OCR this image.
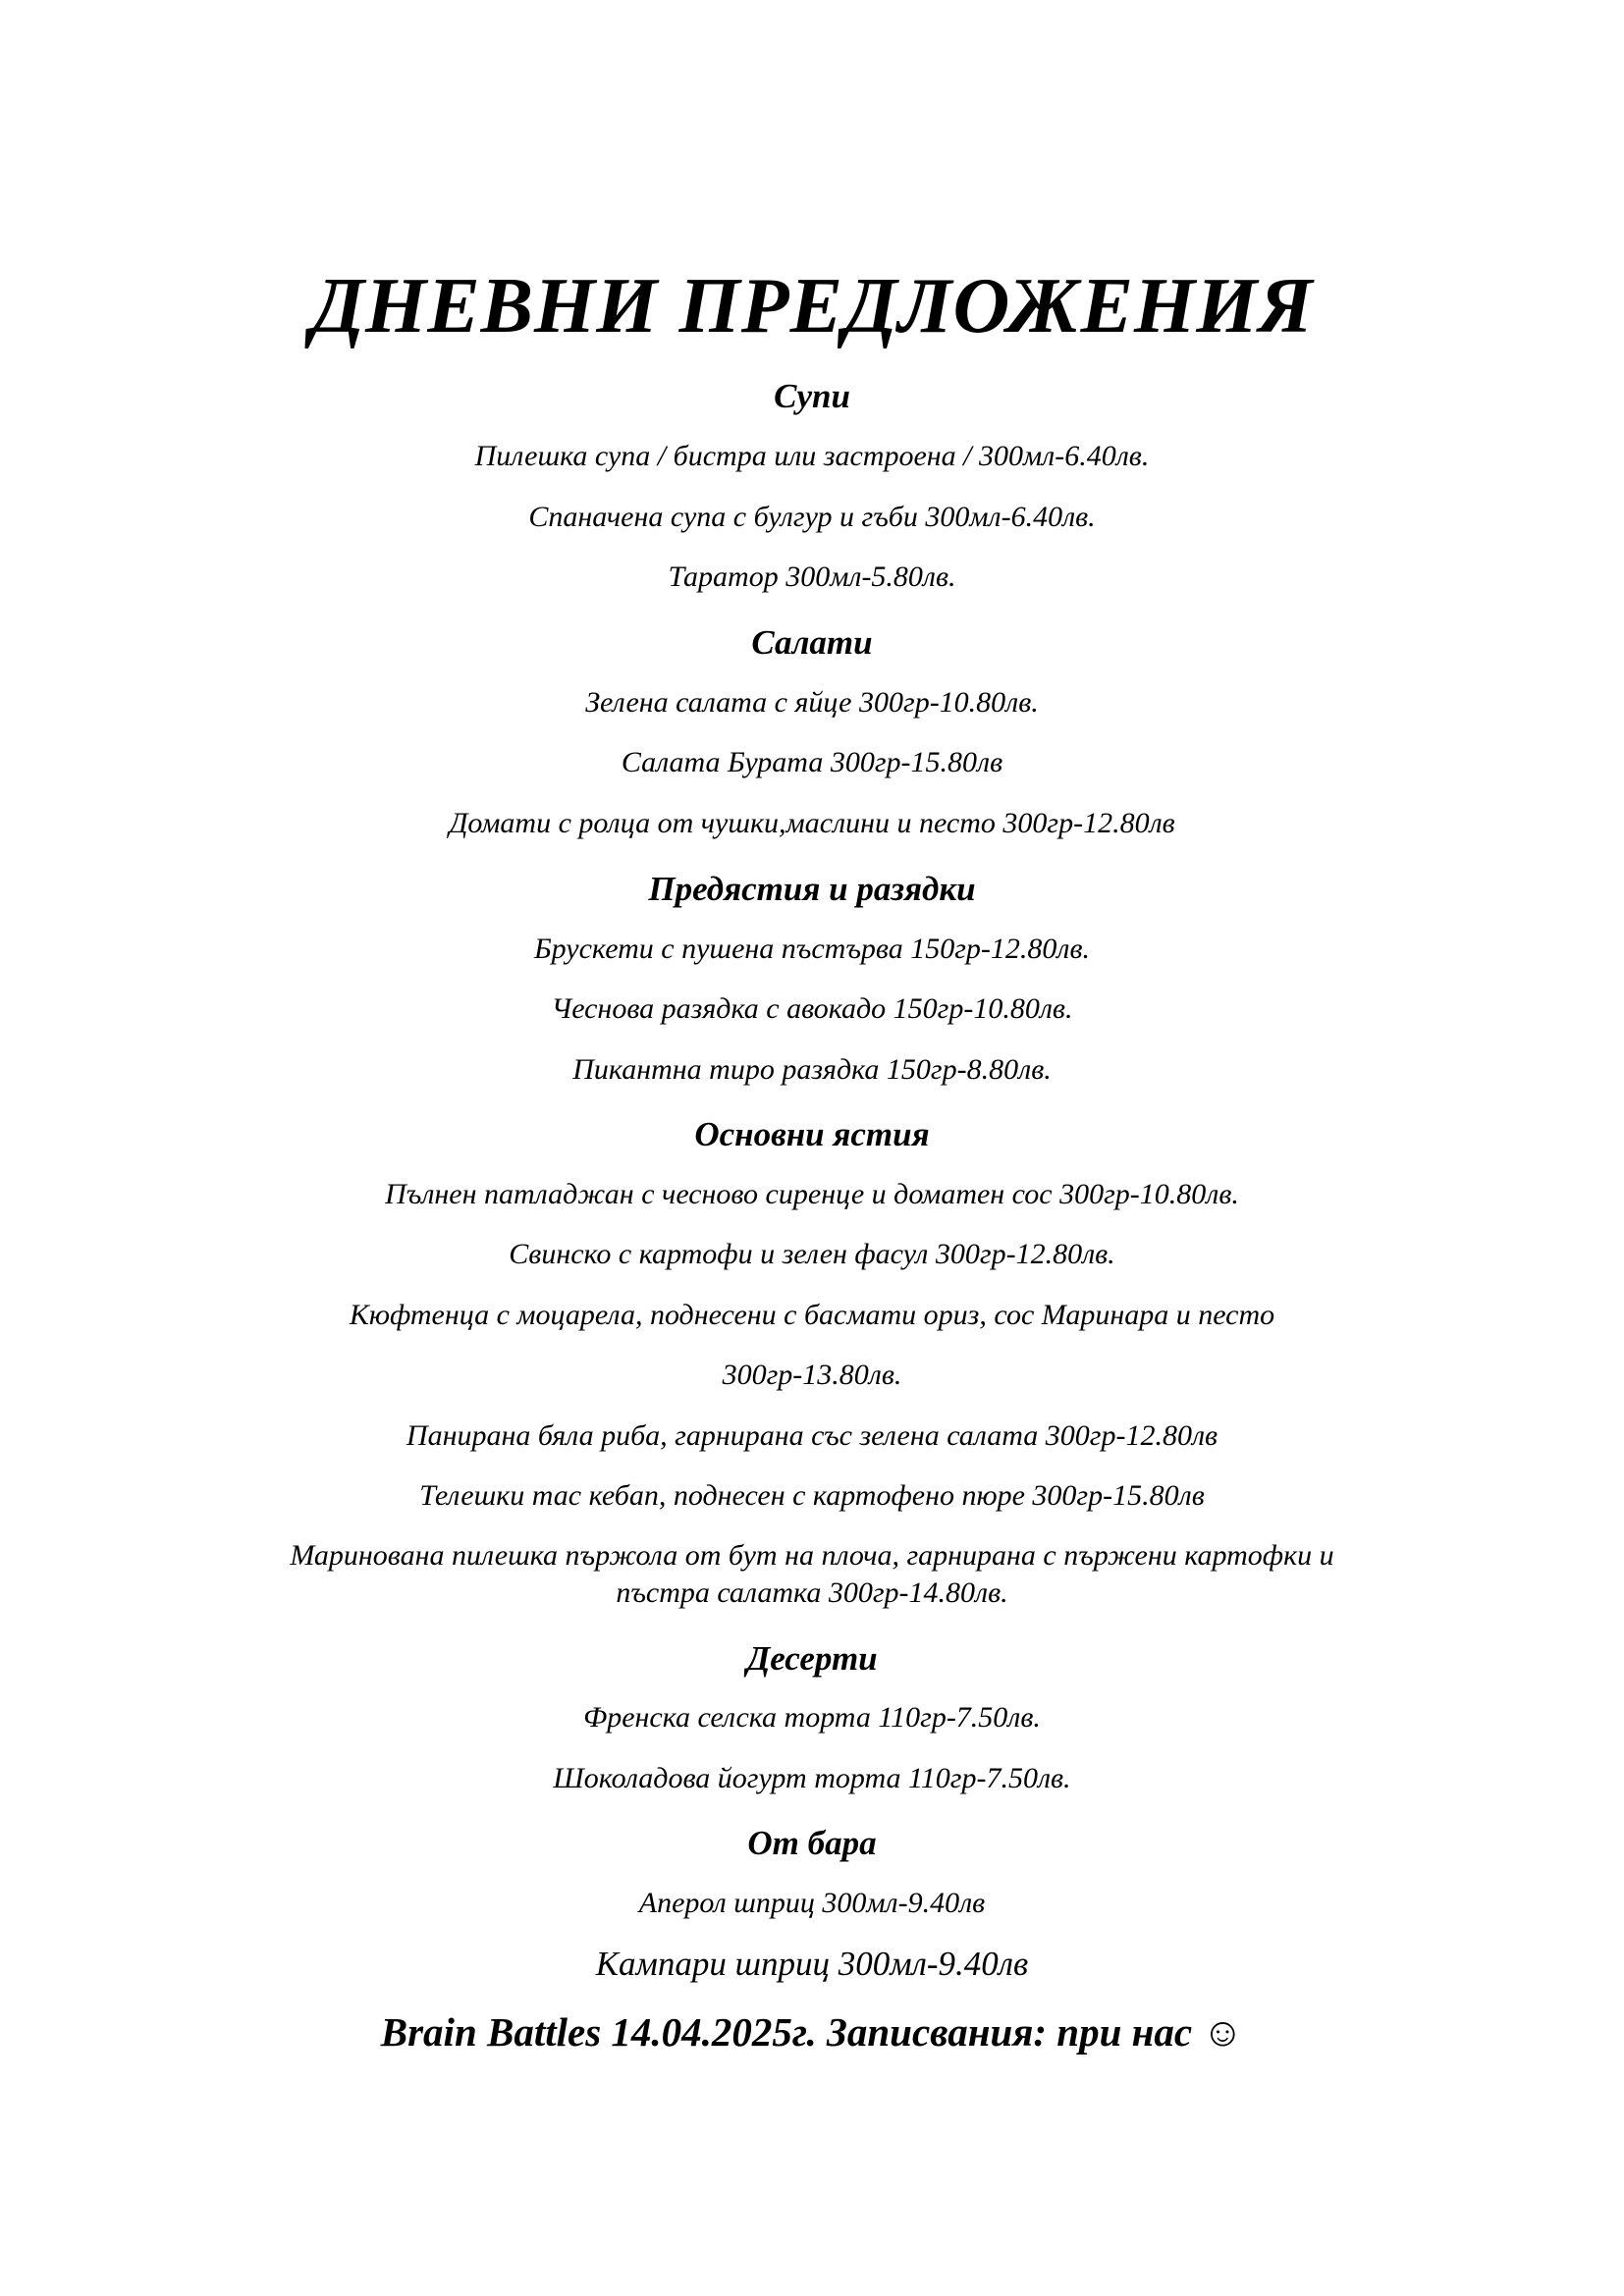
ДНЕВНИ ПРЕДЛОЖЕНИЯ
Супи
Пилешка супа / бистра или застроена / 300мл-6.40лв.
Спаначена супа с булгур и гъби 300мл-6.40лв.
Таратор 300мл-5.80лв.
Салати
Зелена салата с яйце 300гр-10.80лв.
Салата Бурата 300гр-15.80лв
Домати с ролца от чушки,маслини и песто 300гр-12.80лв
Предястия и разядки
Брускети с пушена пъстърва 150гр-12.80лв.
Чеснова разядка с авокадо 150гр-10.80лв.
Пикантна тиро разядка 150гр-8.80лв.
Основни ястия
Пълнен патладжан с чесново сиренце и доматен сос 300гр-10.80лв.
Свинско с картофи и зелен фасул 300гр-12.80лв.
Кюфтенца с моцарела, поднесени с басмати ориз, сос Маринара и песто
300гр-13.80лв.
Панирана бяла риба, гарнирана със зелена салата 300гр-12.80лв
Телешки тас кебап, поднесен с картофено пюре 300гр-15.80лв
Маринована пилешка пържола от бут на плоча, гарнирана с пържени картофки и
пъстра салатка 300гр-14.80лв.
Десерти
Френска селска торта 110гр-7.50лв.
Шоколадова йогурт торта 110гр-7.50лв.
От бара
Аперол шприц 300мл-9.40лв
Кампари шприц 300мл-9.40лв
Brain Battles 14.04.2025г. Записвания: при нас ☺
